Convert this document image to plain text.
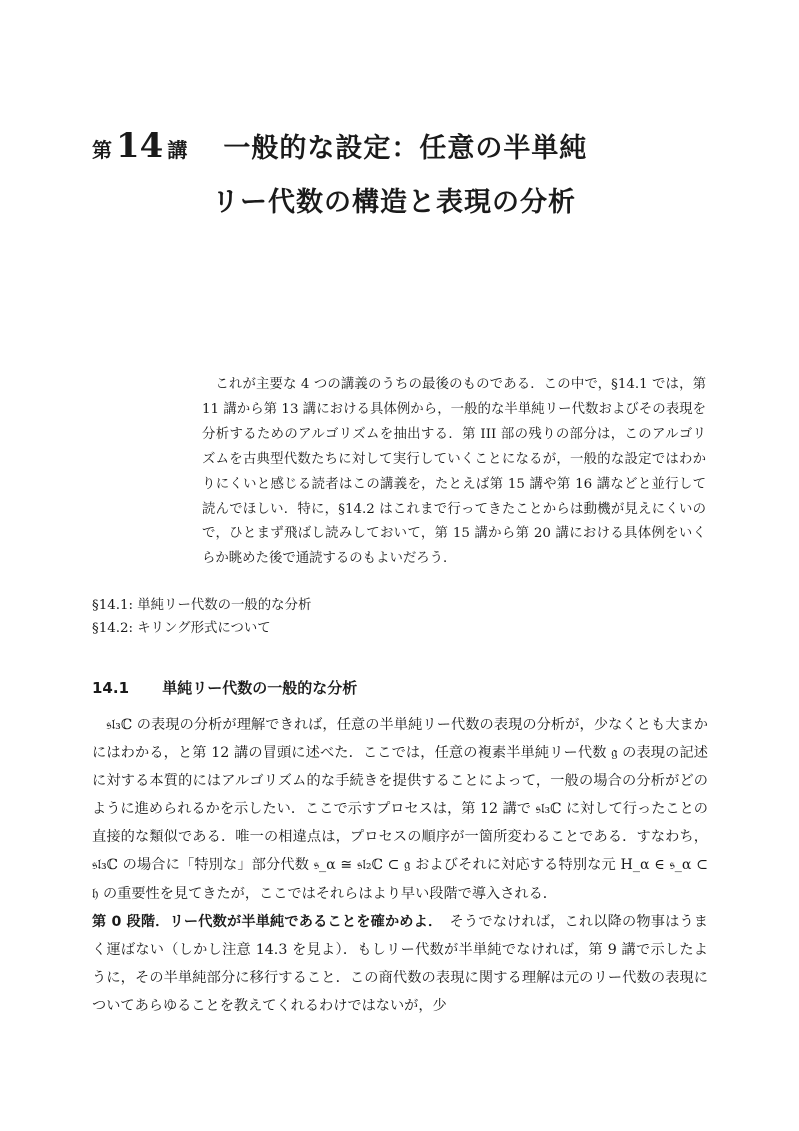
第 14 講 一般的な設定：任意の半単純
リー代数の構造と表現の分析

これが主要な 4 つの講義のうちの最後のものである．この中で，§14.1 では，第 11 講から第 13 講における具体例から，一般的な半単純リー代数およびその表現を分析するためのアルゴリズムを抽出する．第 III 部の残りの部分は，このアルゴリズムを古典型代数たちに対して実行していくことになるが，一般的な設定ではわかりにくいと感じる読者はこの講義を，たとえば第 15 講や第 16 講などと並行して読んでほしい．特に，§14.2 はこれまで行ってきたことからは動機が見えにくいので，ひとまず飛ばし読みしておいて，第 15 講から第 20 講における具体例をいくらか眺めた後で通読するのもよいだろう．

§14.1: 単純リー代数の一般的な分析
§14.2: キリング形式について
14.1 単純リー代数の一般的な分析

𝔰𝔩₃ℂ の表現の分析が理解できれば，任意の半単純リー代数の表現の分析が，少なくとも大まかにはわかる，と第 12 講の冒頭に述べた．ここでは，任意の複素半単純リー代数 𝔤 の表現の記述に対する本質的にはアルゴリズム的な手続きを提供することによって，一般の場合の分析がどのように進められるかを示したい．ここで示すプロセスは，第 12 講で 𝔰𝔩₃ℂ に対して行ったことの直接的な類似である．唯一の相違点は，プロセスの順序が一箇所変わることである．すなわち，𝔰𝔩₃ℂ の場合に「特別な」部分代数 𝔰_α ≅ 𝔰𝔩₂ℂ ⊂ 𝔤 およびそれに対応する特別な元 H_α ∈ 𝔰_α ⊂ 𝔥 の重要性を見てきたが，ここではそれらはより早い段階で導入される．

第 0 段階．リー代数が半単純であることを確かめよ．　 そうでなければ，これ以降の物事はうまく運ばない（しかし注意 14.3 を見よ）．もしリー代数が半単純でなければ，第 9 講で示したように，その半単純部分に移行すること．この商代数の表現に関する理解は元のリー代数の表現についてあらゆることを教えてくれるわけではないが，少
